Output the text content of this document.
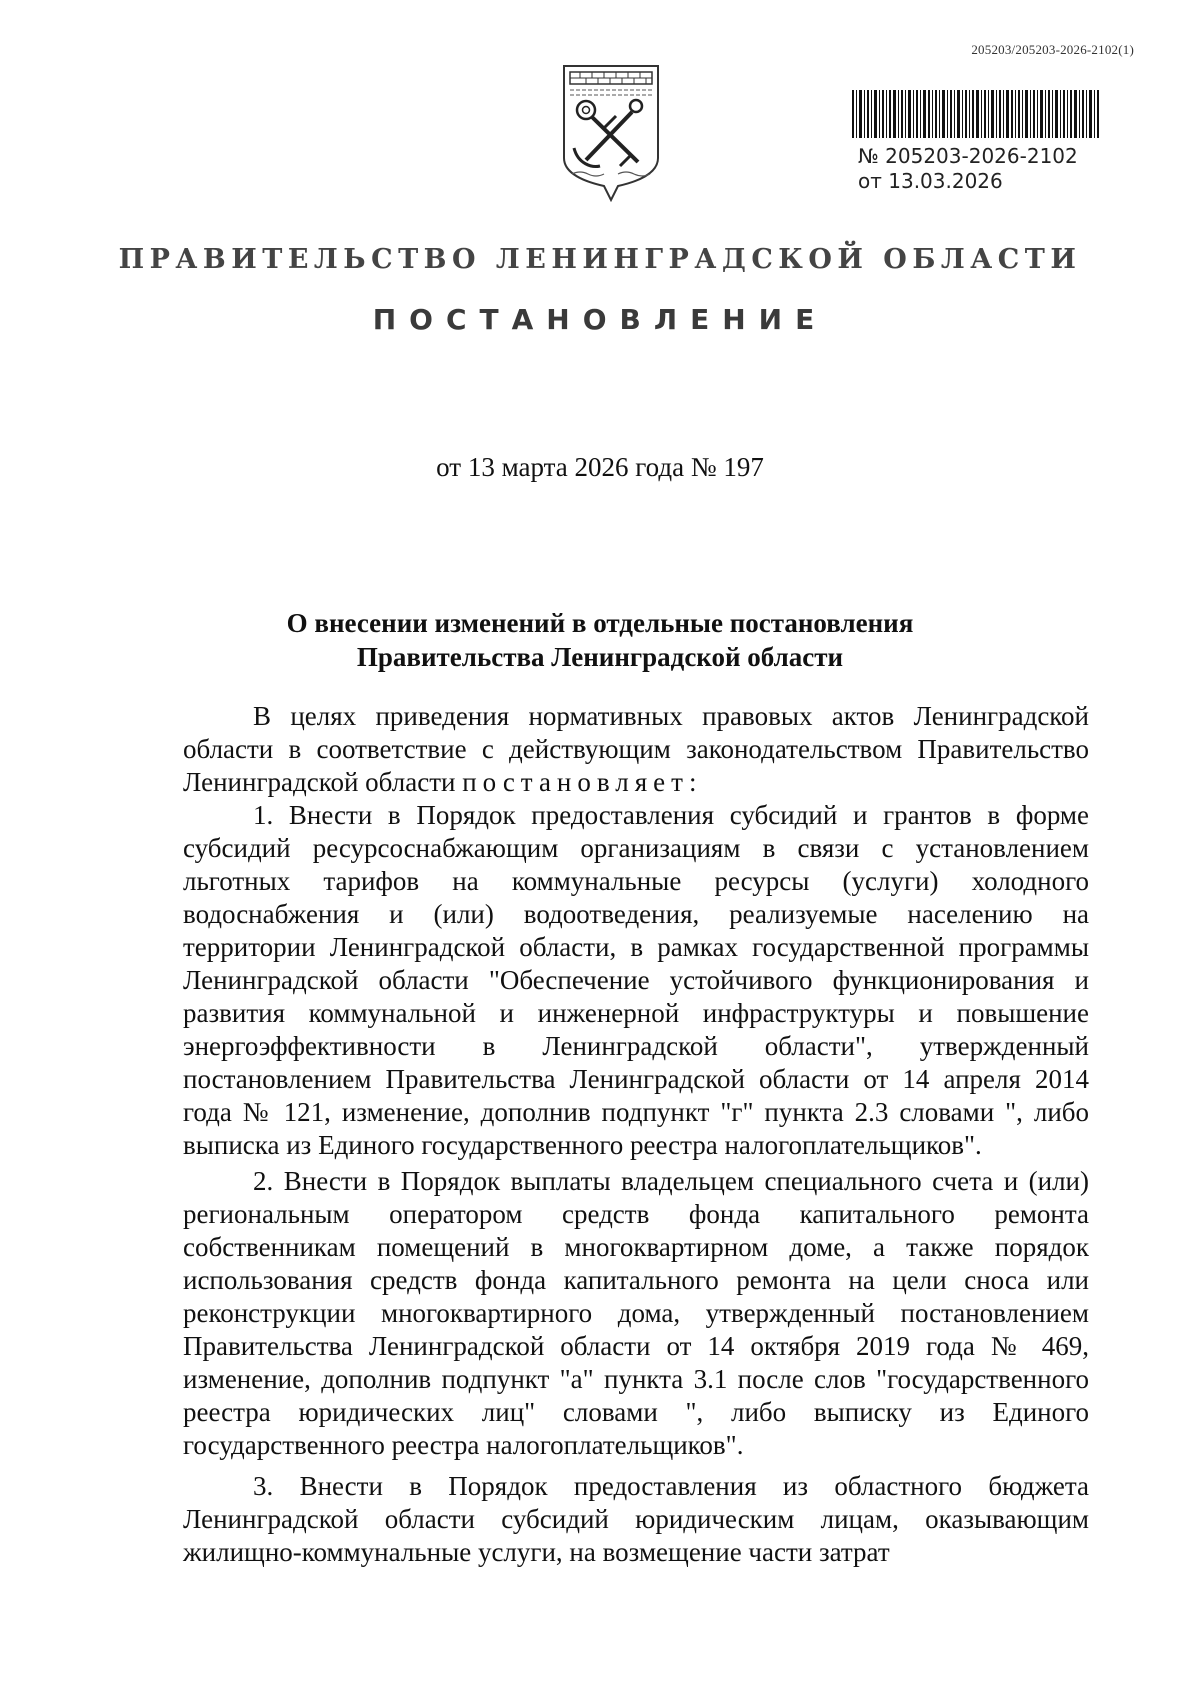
205203/205203-2026-2102(1)
№ 205203-2026-2102
от 13.03.2026
ПРАВИТЕЛЬСТВО ЛЕНИНГРАДСКОЙ ОБЛАСТИ
ПОСТАНОВЛЕНИЕ
от 13 марта 2026 года № 197
О внесении изменений в отдельные постановления
Правительства Ленинградской области

В целях приведения нормативных правовых актов Ленинградской области в соответствие с действующим законодательством Правительство Ленинградской области постановляет:

1. Внести в Порядок предоставления субсидий и грантов в форме субсидий ресурсоснабжающим организациям в связи с установлением льготных тарифов на коммунальные ресурсы (услуги) холодного водоснабжения и (или) водоотведения, реализуемые населению на территории Ленинградской области, в рамках государственной программы Ленинградской области "Обеспечение устойчивого функционирования и развития коммунальной и инженерной инфраструктуры и повышение энергоэффективности в Ленинградской области", утвержденный постановлением Правительства Ленинградской области от 14 апреля 2014 года № 121, изменение, дополнив подпункт "г" пункта 2.3 словами ", либо выписка из Единого государственного реестра налогоплательщиков".

2. Внести в Порядок выплаты владельцем специального счета и (или) региональным оператором средств фонда капитального ремонта собственникам помещений в многоквартирном доме, а также порядок использования средств фонда капитального ремонта на цели сноса или реконструкции многоквартирного дома, утвержденный постановлением Правительства Ленинградской области от 14 октября 2019 года № 469, изменение, дополнив подпункт "а" пункта 3.1 после слов "государственного реестра юридических лиц" словами ", либо выписку из Единого государственного реестра налогоплательщиков".

3. Внести в Порядок предоставления из областного бюджета Ленинградской области субсидий юридическим лицам, оказывающим жилищно-коммунальные услуги, на возмещение части затрат
